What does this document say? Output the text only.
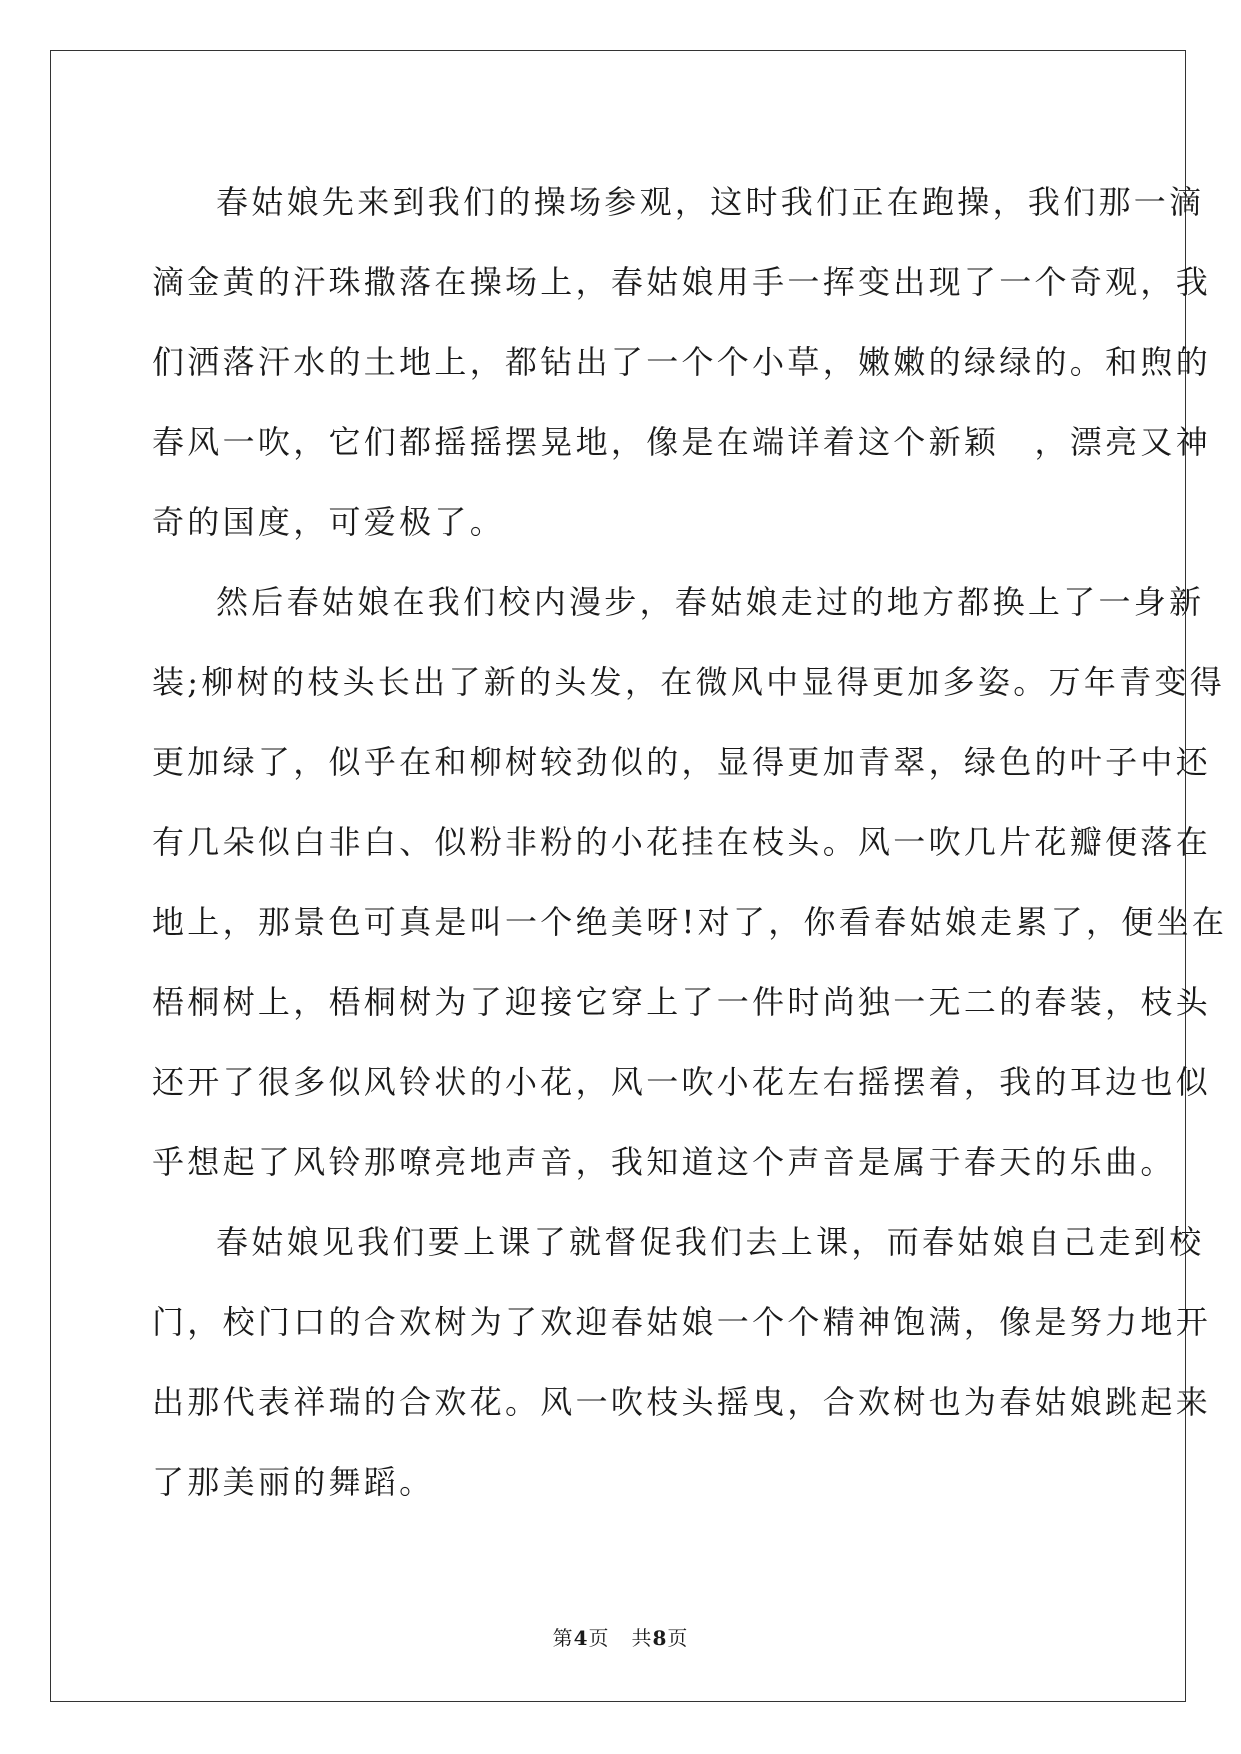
春姑娘先来到我们的操场参观，这时我们正在跑操，我们那一滴
滴金黄的汗珠撒落在操场上，春姑娘用手一挥变出现了一个奇观，我
们洒落汗水的土地上，都钻出了一个个小草，嫩嫩的绿绿的。和煦的
春风一吹，它们都摇摇摆晃地，像是在端详着这个新颖　，漂亮又神
奇的国度，可爱极了。
然后春姑娘在我们校内漫步，春姑娘走过的地方都换上了一身新
装;柳树的枝头长出了新的头发，在微风中显得更加多姿。万年青变得
更加绿了，似乎在和柳树较劲似的，显得更加青翠，绿色的叶子中还
有几朵似白非白、似粉非粉的小花挂在枝头。风一吹几片花瓣便落在
地上，那景色可真是叫一个绝美呀!对了，你看春姑娘走累了，便坐在
梧桐树上，梧桐树为了迎接它穿上了一件时尚独一无二的春装，枝头
还开了很多似风铃状的小花，风一吹小花左右摇摆着，我的耳边也似
乎想起了风铃那嘹亮地声音，我知道这个声音是属于春天的乐曲。
春姑娘见我们要上课了就督促我们去上课，而春姑娘自己走到校
门，校门口的合欢树为了欢迎春姑娘一个个精神饱满，像是努力地开
出那代表祥瑞的合欢花。风一吹枝头摇曳，合欢树也为春姑娘跳起来
了那美丽的舞蹈。
第4页 共8页
